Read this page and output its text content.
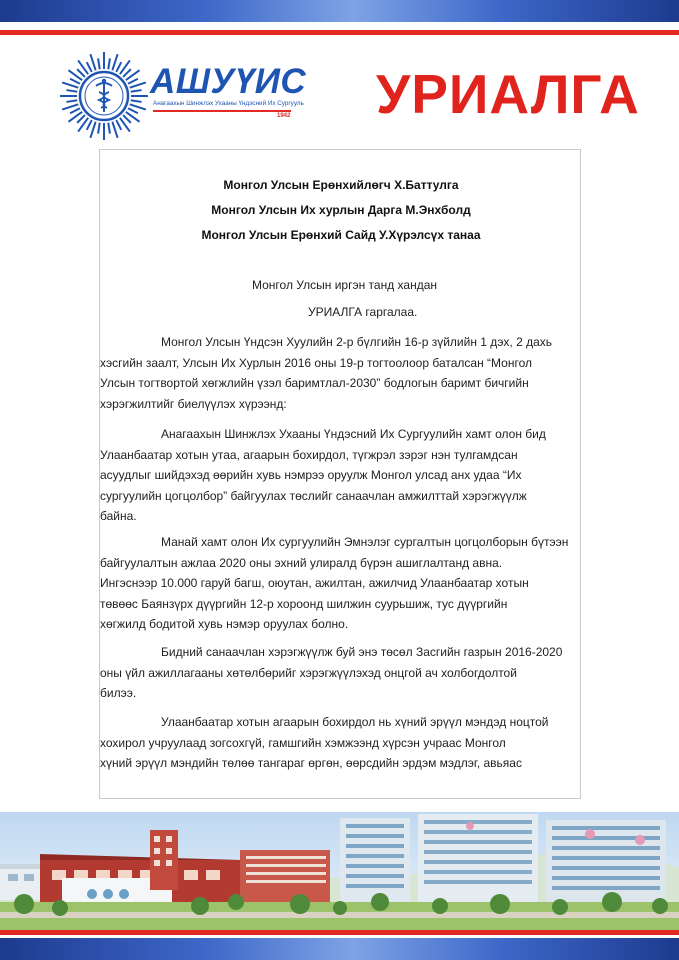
АШУҮИС
Анагаахын Шинжлэх Ухааны Үндэсний Их Сургууль
1942 УРИАЛГА
Монгол Улсын Ерөнхийлөгч Х.Баттулга
Монгол Улсын Их хурлын Дарга М.Энхболд
Монгол Улсын Ерөнхий Сайд У.Хүрэлсүх танаа
Монгол Улсын иргэн танд хандан
УРИАЛГА гаргалаа.
Монгол Улсын Үндсэн Хуулийн 2-р бүлгийн 16-р зүйлийн 1 дэх, 2 дахь
хэсгийн заалт, Улсын Их Хурлын 2016 оны 19-р тогтоолоор баталсан “Монгол
Улсын тогтвортой хөгжлийн үзэл баримтлал-2030” бодлогын баримт бичгийн
хэрэгжилтийг биелүүлэх хүрээнд:
Анагаахын Шинжлэх Ухааны Үндэсний Их Сургуулийн хамт олон бид
Улаанбаатар хотын утаа, агаарын бохирдол, түгжрэл зэрэг нэн тулгамдсан
асуудлыг шийдэхэд өөрийн хувь нэмрээ оруулж Монгол улсад анх удаа “Их
сургуулийн цогцолбор” байгуулах төслийг санаачлан амжилттай хэрэгжүүлж
байна.
Манай хамт олон Их сургуулийн Эмнэлэг сургалтын цогцолборын бүтээн
байгуулалтын ажлаа 2020 оны эхний улиралд бүрэн ашиглалтанд авна.
Ингэснээр 10.000 гаруй багш, оюутан, ажилтан, ажилчид Улаанбаатар хотын
төвөөс Баянзүрх дүүргийн 12-р хороонд шилжин суурьшиж, тус дүүргийн
хөгжилд бодитой хувь нэмэр оруулах болно.
Бидний санаачлан хэрэгжүүлж буй энэ төсөл Засгийн газрын 2016-2020
оны үйл ажиллагааны хөтөлбөрийг хэрэгжүүлэхэд онцгой ач холбогдолтой
билээ.
Улаанбаатар хотын агаарын бохирдол нь хүний эрүүл мэндэд ноцтой
хохирол учруулаад зогсохгүй, гамшгийн хэмжээнд хүрсэн учраас Монгол
хүний эрүүл мэндийн төлөө тангараг өргөн, өөрсдийн эрдэм мэдлэг, авьяас
